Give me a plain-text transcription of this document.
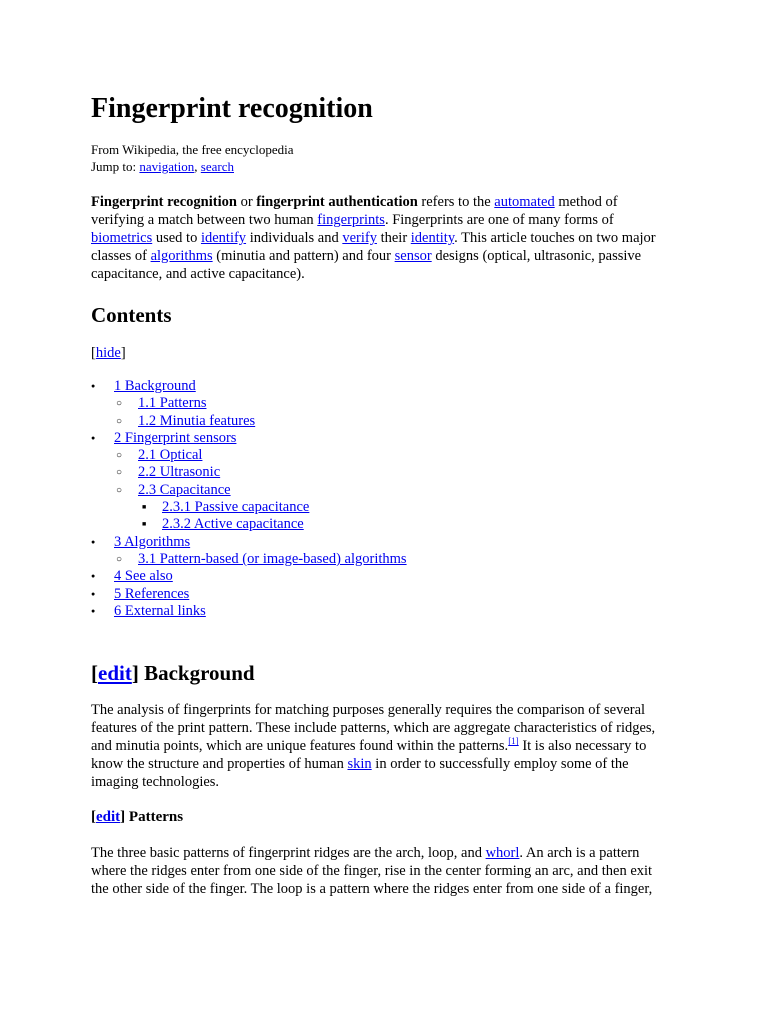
Fingerprint recognition
From Wikipedia, the free encyclopedia
Jump to: navigation, search

Fingerprint recognition or fingerprint authentication refers to the automated method of verifying a match between two human fingerprints. Fingerprints are one of many forms of biometrics used to identify individuals and verify their identity. This article touches on two major classes of algorithms (minutia and pattern) and four sensor designs (optical, ultrasonic, passive capacitance, and active capacitance).

Contents
[hide]
● 1 Background
○ 1.1 Patterns
○ 1.2 Minutia features
● 2 Fingerprint sensors
○ 2.1 Optical
○ 2.2 Ultrasonic
○ 2.3 Capacitance
■ 2.3.1 Passive capacitance
■ 2.3.2 Active capacitance
● 3 Algorithms
○ 3.1 Pattern-based (or image-based) algorithms
● 4 See also
● 5 References
● 6 External links
[edit] Background

The analysis of fingerprints for matching purposes generally requires the comparison of several features of the print pattern. These include patterns, which are aggregate characteristics of ridges, and minutia points, which are unique features found within the patterns.[1] It is also necessary to know the structure and properties of human skin in order to successfully employ some of the imaging technologies.

[edit] Patterns

The three basic patterns of fingerprint ridges are the arch, loop, and whorl. An arch is a pattern where the ridges enter from one side of the finger, rise in the center forming an arc, and then exit the other side of the finger. The loop is a pattern where the ridges enter from one side of a finger,
